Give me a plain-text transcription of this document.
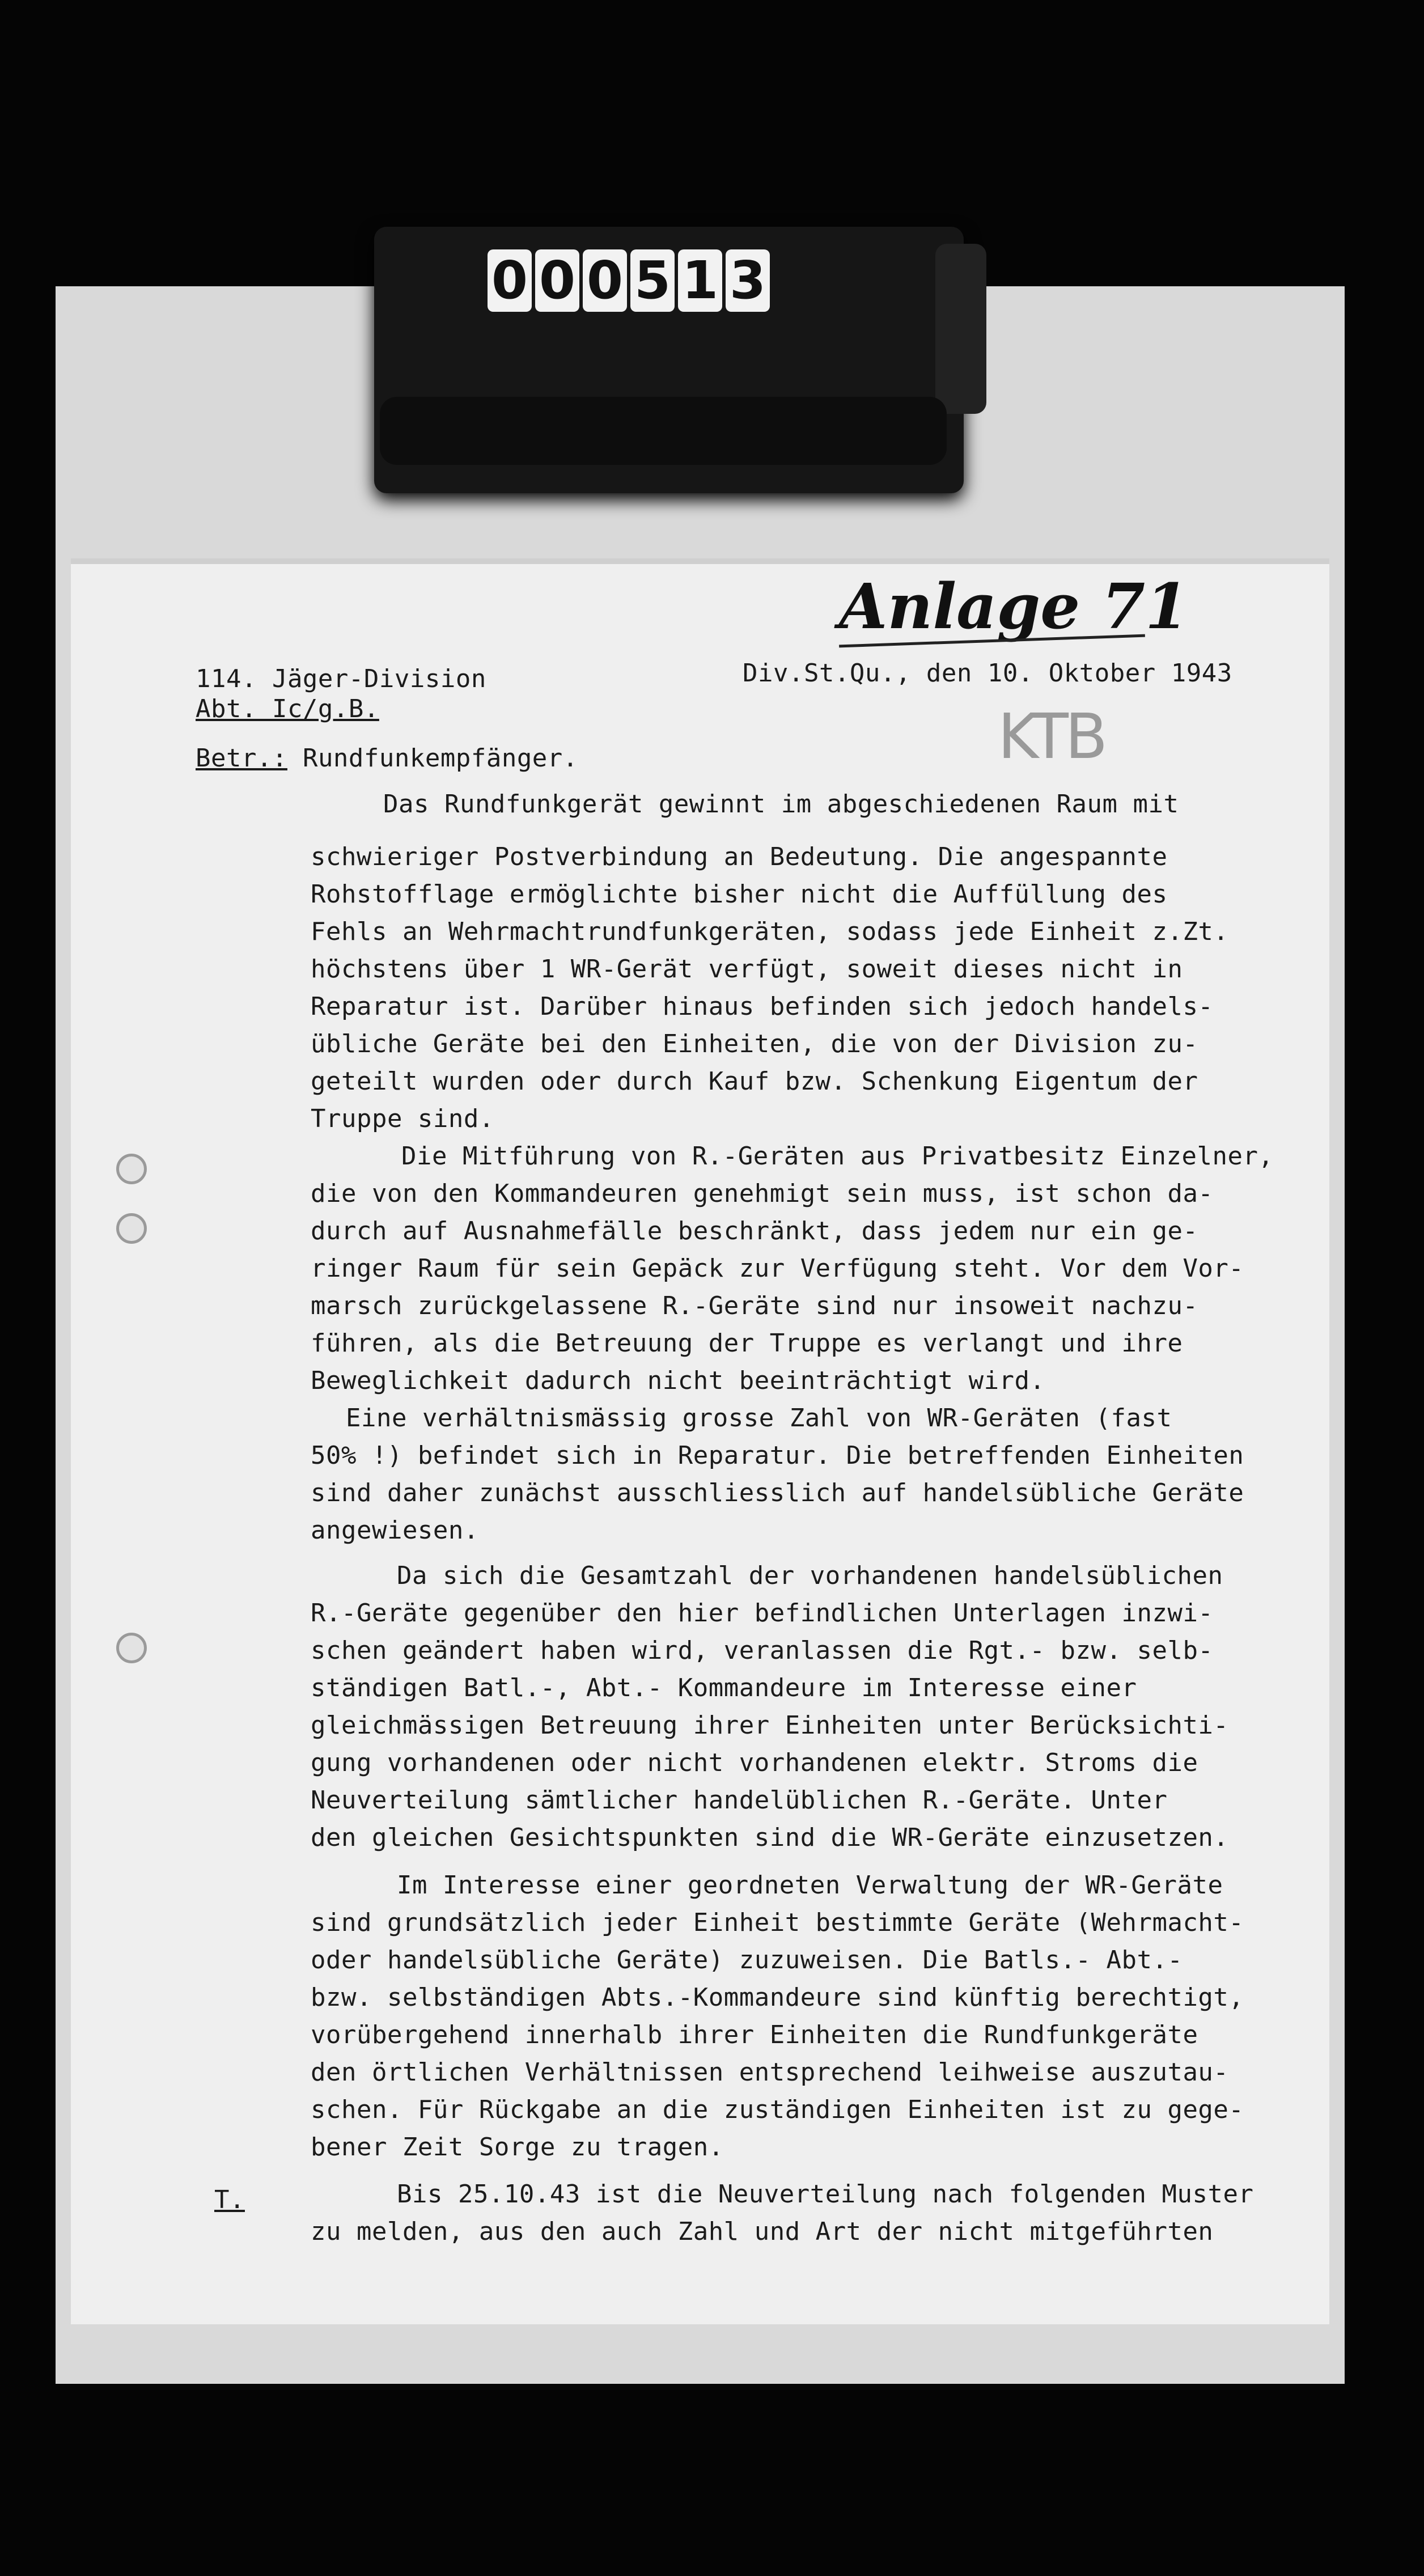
0 0 0 5 1 3
Anlage 71
KTB
114. Jäger-Division
Abt. Ic/g.B.
Div.St.Qu., den 10. Oktober 1943
Betr.: Rundfunkempfänger.
T.
Das Rundfunkgerät gewinnt im abgeschiedenen Raum mit
schwieriger Postverbindung an Bedeutung. Die angespannte
Rohstofflage ermöglichte bisher nicht die Auffüllung des
Fehls an Wehrmachtrundfunkgeräten, sodass jede Einheit z.Zt.
höchstens über 1 WR-Gerät verfügt, soweit dieses nicht in
Reparatur ist. Darüber hinaus befinden sich jedoch handels-
übliche Geräte bei den Einheiten, die von der Division zu-
geteilt wurden oder durch Kauf bzw. Schenkung Eigentum der
Truppe sind.
Die Mitführung von R.-Geräten aus Privatbesitz Einzelner,
die von den Kommandeuren genehmigt sein muss, ist schon da-
durch auf Ausnahmefälle beschränkt, dass jedem nur ein ge-
ringer Raum für sein Gepäck zur Verfügung steht. Vor dem Vor-
marsch zurückgelassene R.-Geräte sind nur insoweit nachzu-
führen, als die Betreuung der Truppe es verlangt und ihre
Beweglichkeit dadurch nicht beeinträchtigt wird.
Eine verhältnismässig grosse Zahl von WR-Geräten (fast
50% !) befindet sich in Reparatur. Die betreffenden Einheiten
sind daher zunächst ausschliesslich auf handelsübliche Geräte
angewiesen.
Da sich die Gesamtzahl der vorhandenen handelsüblichen
R.-Geräte gegenüber den hier befindlichen Unterlagen inzwi-
schen geändert haben wird, veranlassen die Rgt.- bzw. selb-
ständigen Batl.-, Abt.- Kommandeure im Interesse einer
gleichmässigen Betreuung ihrer Einheiten unter Berücksichti-
gung vorhandenen oder nicht vorhandenen elektr. Stroms die
Neuverteilung sämtlicher handelüblichen R.-Geräte. Unter
den gleichen Gesichtspunkten sind die WR-Geräte einzusetzen.
Im Interesse einer geordneten Verwaltung der WR-Geräte
sind grundsätzlich jeder Einheit bestimmte Geräte (Wehrmacht-
oder handelsübliche Geräte) zuzuweisen. Die Batls.- Abt.-
bzw. selbständigen Abts.-Kommandeure sind künftig berechtigt,
vorübergehend innerhalb ihrer Einheiten die Rundfunkgeräte
den örtlichen Verhältnissen entsprechend leihweise auszutau-
schen. Für Rückgabe an die zuständigen Einheiten ist zu gege-
bener Zeit Sorge zu tragen.
Bis 25.10.43 ist die Neuverteilung nach folgenden Muster
zu melden, aus den auch Zahl und Art der nicht mitgeführten
